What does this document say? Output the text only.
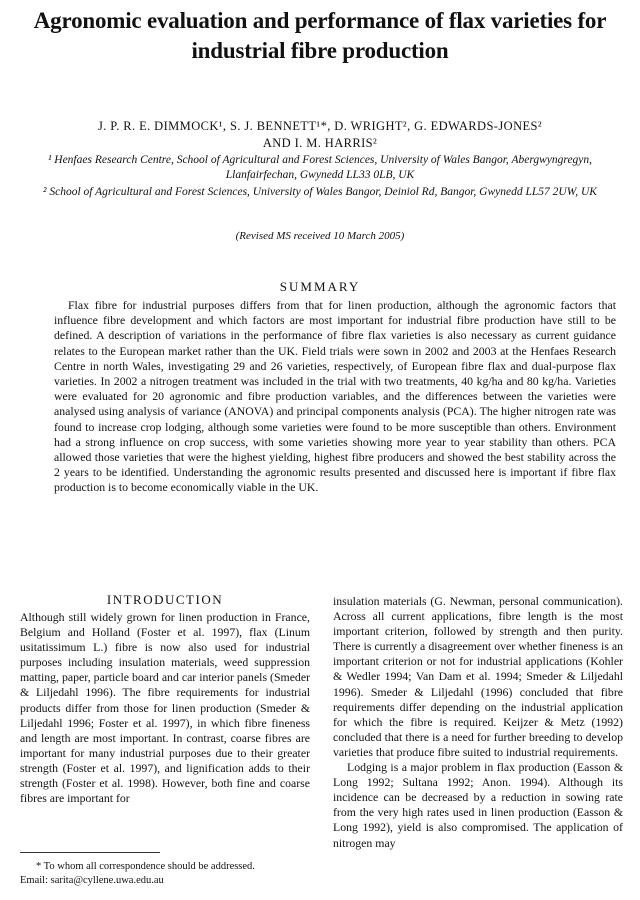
Agronomic evaluation and performance of flax varieties for industrial fibre production
J. P. R. E. DIMMOCK¹, S. J. BENNETT¹*, D. WRIGHT², G. EDWARDS-JONES²
AND I. M. HARRIS²

¹ Henfaes Research Centre, School of Agricultural and Forest Sciences, University of Wales Bangor, Abergwyngregyn, Llanfairfechan, Gwynedd LL33 0LB, UK

² School of Agricultural and Forest Sciences, University of Wales Bangor, Deiniol Rd, Bangor, Gwynedd LL57 2UW, UK

(Revised MS received 10 March 2005)
SUMMARY

Flax fibre for industrial purposes differs from that for linen production, although the agronomic factors that influence fibre development and which factors are most important for industrial fibre production have still to be defined. A description of variations in the performance of fibre flax varieties is also necessary as current guidance relates to the European market rather than the UK. Field trials were sown in 2002 and 2003 at the Henfaes Research Centre in north Wales, investigating 29 and 26 varieties, respectively, of European fibre flax and dual-purpose flax varieties. In 2002 a nitrogen treatment was included in the trial with two treatments, 40 kg/ha and 80 kg/ha. Varieties were evaluated for 20 agronomic and fibre production variables, and the differences between the varieties were analysed using analysis of variance (ANOVA) and principal components analysis (PCA). The higher nitrogen rate was found to increase crop lodging, although some varieties were found to be more susceptible than others. Environment had a strong influence on crop success, with some varieties showing more year to year stability than others. PCA allowed those varieties that were the highest yielding, highest fibre producers and showed the best stability across the 2 years to be identified. Understanding the agronomic results presented and discussed here is important if fibre flax production is to become economically viable in the UK.

INTRODUCTION

Although still widely grown for linen production in France, Belgium and Holland (Foster et al. 1997), flax (Linum usitatissimum L.) fibre is now also used for industrial purposes including insulation materials, weed suppression matting, paper, particle board and car interior panels (Smeder & Liljedahl 1996). The fibre requirements for industrial products differ from those for linen production (Smeder & Liljedahl 1996; Foster et al. 1997), in which fibre fineness and length are most important. In contrast, coarse fibres are important for many industrial purposes due to their greater strength (Foster et al. 1997), and lignification adds to their strength (Foster et al. 1998). However, both fine and coarse fibres are important for

insulation materials (G. Newman, personal communication). Across all current applications, fibre length is the most important criterion, followed by strength and then purity. There is currently a disagreement over whether fineness is an important criterion or not for industrial applications (Kohler & Wedler 1994; Van Dam et al. 1994; Smeder & Liljedahl 1996). Smeder & Liljedahl (1996) concluded that fibre requirements differ depending on the industrial application for which the fibre is required. Keijzer & Metz (1992) concluded that there is a need for further breeding to develop varieties that produce fibre suited to industrial requirements.

Lodging is a major problem in flax production (Easson & Long 1992; Sultana 1992; Anon. 1994). Although its incidence can be decreased by a reduction in sowing rate from the very high rates used in linen production (Easson & Long 1992), yield is also compromised. The application of nitrogen may

* To whom all correspondence should be addressed.

Email: sarita@cyllene.uwa.edu.au
